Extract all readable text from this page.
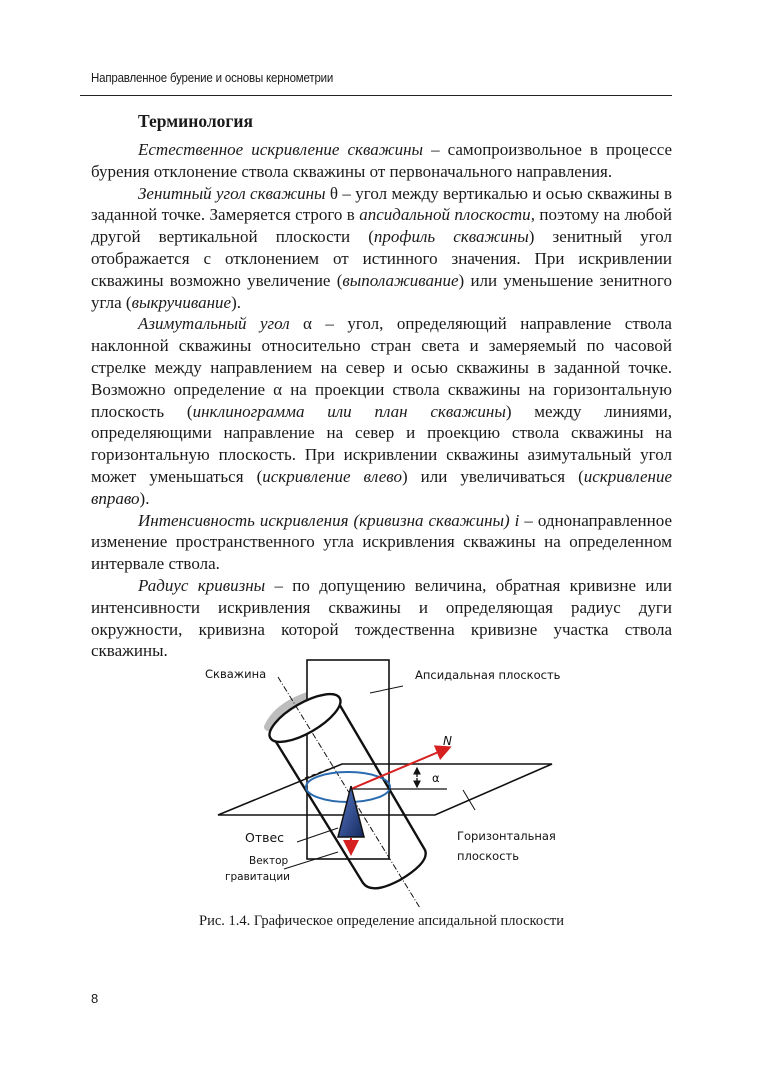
Направленное бурение и основы кернометрии
Терминология

Естественное искривление скважины – самопроизвольное в процессе бурения отклонение ствола скважины от первоначального направления.

Зенитный угол скважины θ – угол между вертикалью и осью скважины в заданной точке. Замеряется строго в апсидальной плоскости, поэтому на любой другой вертикальной плоскости (профиль скважины) зенитный угол отображается с отклонением от истинного значения. При искривлении скважины возможно увеличение (выполаживание) или уменьшение зенитного угла (выкручивание).

Азимутальный угол α – угол, определяющий направление ствола наклонной скважины относительно стран света и замеряемый по часовой стрелке между направлением на север и осью скважины в заданной точке. Возможно определение α на проекции ствола скважины на горизонтальную плоскость (инклинограмма или план скважины) между линиями, определяющими направление на север и проекцию ствола скважины на горизонтальную плоскость. При искривлении скважины азимутальный угол может уменьшаться (искривление влево) или увеличиваться (искривление вправо).

Интенсивность искривления (кривизна скважины) i – однонаправленное изменение пространственного угла искривления скважины на определенном интервале ствола.

Радиус кривизны – по допущению величина, обратная кривизне или интенсивности искривления скважины и определяющая радиус дуги окружности, кривизна которой тождественна кривизне участка ствола скважины.

Скважина	Апсидальная плоскость
N
α
Отвес
Вектор
гравитации
Горизонтальная
плоскость
Рис. 1.4. Графическое определение апсидальной плоскости
8
